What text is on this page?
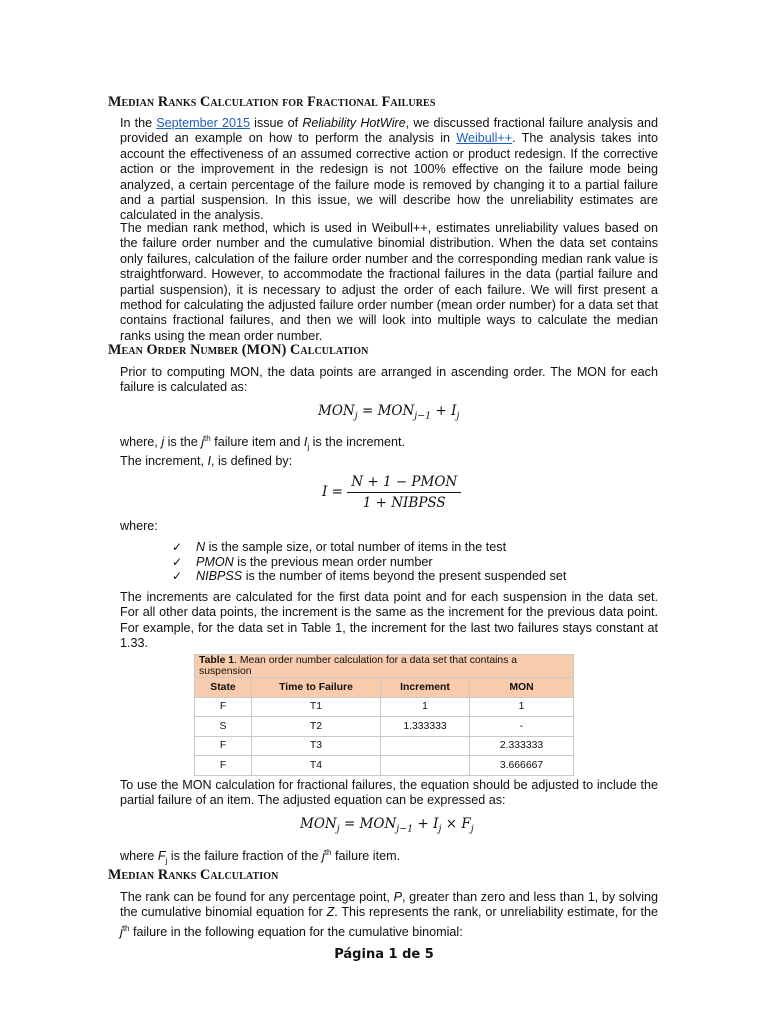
Median Ranks Calculation for Fractional Failures

In the September 2015 issue of Reliability HotWire, we discussed fractional failure analysis and provided an example on how to perform the analysis in Weibull++. The analysis takes into account the effectiveness of an assumed corrective action or product redesign. If the corrective action or the improvement in the redesign is not 100% effective on the failure mode being analyzed, a certain percentage of the failure mode is removed by changing it to a partial failure and a partial suspension. In this issue, we will describe how the unreliability estimates are calculated in the analysis.

The median rank method, which is used in Weibull++, estimates unreliability values based on the failure order number and the cumulative binomial distribution. When the data set contains only failures, calculation of the failure order number and the corresponding median rank value is straightforward. However, to accommodate the fractional failures in the data (partial failure and partial suspension), it is necessary to adjust the order of each failure. We will first present a method for calculating the adjusted failure order number (mean order number) for a data set that contains fractional failures, and then we will look into multiple ways to calculate the median ranks using the mean order number.

Mean Order Number (MON) Calculation

Prior to computing MON, the data points are arranged in ascending order. The MON for each failure is calculated as:

$MON_j = MON_{j-1} + I_j$

where, j is the $j^{th}$ failure item and $I_j$ is the increment.

The increment, I, is defined by:

$I = \frac{\text{N + 1 − PMON}}{\text{1 + NIBPSS}}$

where:

✓ N is the sample size, or total number of items in the test
✓ PMON is the previous mean order number
✓ NIBPSS is the number of items beyond the present suspended set

The increments are calculated for the first data point and for each suspension in the data set. For all other data points, the increment is the same as the increment for the previous data point. For example, for the data set in Table 1, the increment for the last two failures stays constant at 1.33.

Table 1. Mean order number calculation for a data set that contains a suspension			
State	Time to Failure	Increment	MON
F	T1	1	1
S	T2	1.333333	-
F	T3		2.333333
F	T4		3.666667

To use the MON calculation for fractional failures, the equation should be adjusted to include the partial failure of an item. The adjusted equation can be expressed as:

$MON_j = MON_{j-1} + I_j \times F_j$

where $F_j$ is the failure fraction of the $j^{th}$ failure item.

Median Ranks Calculation

The rank can be found for any percentage point, P, greater than zero and less than 1, by solving the cumulative binomial equation for Z. This represents the rank, or unreliability estimate, for the $j^{th}$ failure in the following equation for the cumulative binomial:

Página 1 de 5
